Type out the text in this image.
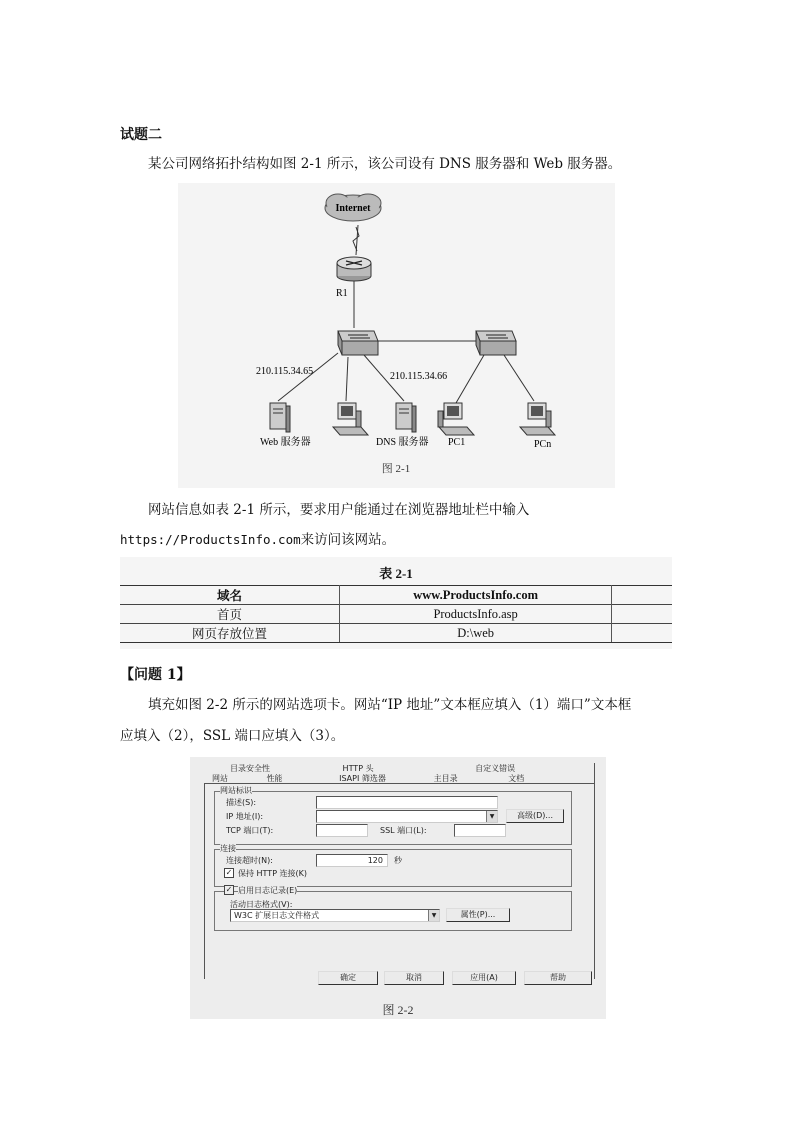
试题二
某公司网络拓扑结构如图 2-1 所示，该公司设有 DNS 服务器和 Web 服务器。
Internet
R1
210.115.34.65	210.115.34.66
Web 服务器	DNS 服务器 PC1	PCn
图 2-1
网站信息如表 2-1 所示，要求用户能通过在浏览器地址栏中输入
https://ProductsInfo.com来访问该网站。
表 2-1
域名	www.ProductsInfo.com	
首页	ProductsInfo.asp	
网页存放位置	D:\web	
【问题 1】
填充如图 2-2 所示的网站选项卡。网站“IP 地址”文本框应填入（1）端口”文本框
应填入（2），SSL 端口应填入（3）。
目录安全性	HTTP 头	自定义错误
网站	性能	ISAPI 筛选器	主目录	文档
网站标识
描述(S):
IP 地址(I):	▼	高级(D)...
TCP 端口(T):	SSL 端口(L):
连接
连接超时(N):	120	秒
✓ 保持 HTTP 连接(K)
✓ 启用日志记录(E)
活动日志格式(V):
W3C 扩展日志文件格式	▼	属性(P)...
确定	取消	应用(A)	帮助
图 2-2
